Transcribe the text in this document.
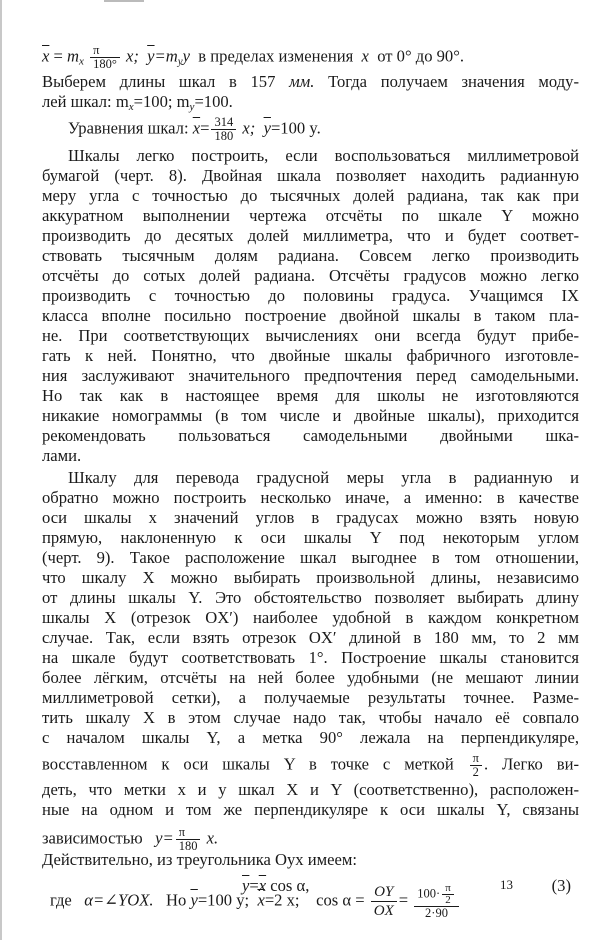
$\overline{x} = m_x \frac{\pi}{180^\circ} x$; $\overline{y}=m_yy$ в пределах изменения x от 0° до 90°.
Выберем длины шкал в 157 мм. Тогда получаем значения моду-
лей шкал: $m_x=100$; $m_y=100$.
Уравнения шкал: $\overline{x}= \frac{314}{180} x$; $\overline{y}=100$ y.
Шкалы легко построить, если воспользоваться миллиметровой
бумагой (черт. 8). Двойная шкала позволяет находить радианную
меру угла с точностью до тысячных долей радиана, так как при
аккуратном выполнении чертежа отсчёты по шкале Y можно
производить до десятых долей миллиметра, что и будет соответ-
ствовать тысячным долям радиана. Совсем легко производить
отсчёты до сотых долей радиана. Отсчёты градусов можно легко
производить с точностью до половины градуса. Учащимся IX
класса вполне посильно построение двойной шкалы в таком пла-
не. При соответствующих вычислениях они всегда будут прибе-
гать к ней. Понятно, что двойные шкалы фабричного изготовле-
ния заслуживают значительного предпочтения перед самодельными.
Но так как в настоящее время для школы не изготовляются
никакие номограммы (в том числе и двойные шкалы), приходится
рекомендовать пользоваться самодельными двойными шка-
лами.
Шкалу для перевода градусной меры угла в радианную и
обратно можно построить несколько иначе, а именно: в качестве
оси шкалы x значений углов в градусах можно взять новую
прямую, наклоненную к оси шкалы Y под некоторым углом
(черт. 9). Такое расположение шкал выгоднее в том отношении,
что шкалу X можно выбирать произвольной длины, независимо
от длины шкалы Y. Это обстоятельство позволяет выбирать длину
шкалы X (отрезок OX′) наиболее удобной в каждом конкретном
случае. Так, если взять отрезок OX′ длиной в 180 мм, то 2 мм
на шкале будут соответствовать 1°. Построение шкалы становится
более лёгким, отсчёты на ней более удобными (не мешают линии
миллиметровой сетки), а получаемые результаты точнее. Разме-
тить шкалу X в этом случае надо так, чтобы начало её совпало
с началом шкалы Y, а метка 90° лежала на перпендикуляре,
восставленном к оси шкалы Y в точке с меткой $\frac{\pi}{2}$ . Легко ви-
деть, что метки x и y шкал X и Y (соответственно), расположен-
ные на одном и том же перпендикуляре к оси шкалы Y, связаны
зависимостью $y= \frac{\pi}{180} x$.
Действительно, из треугольника Oyx имеем:
$\overline{y}=\overline{x}$ cos α,	(3)
где α=∠YOX. Но $\overline{y}=100$ y; $\overline{x}=2$ x; $\cos \alpha = \frac{OY}{OX} = \frac{100\cdot \frac{\pi}{2}}{2\cdot 90}$	13
